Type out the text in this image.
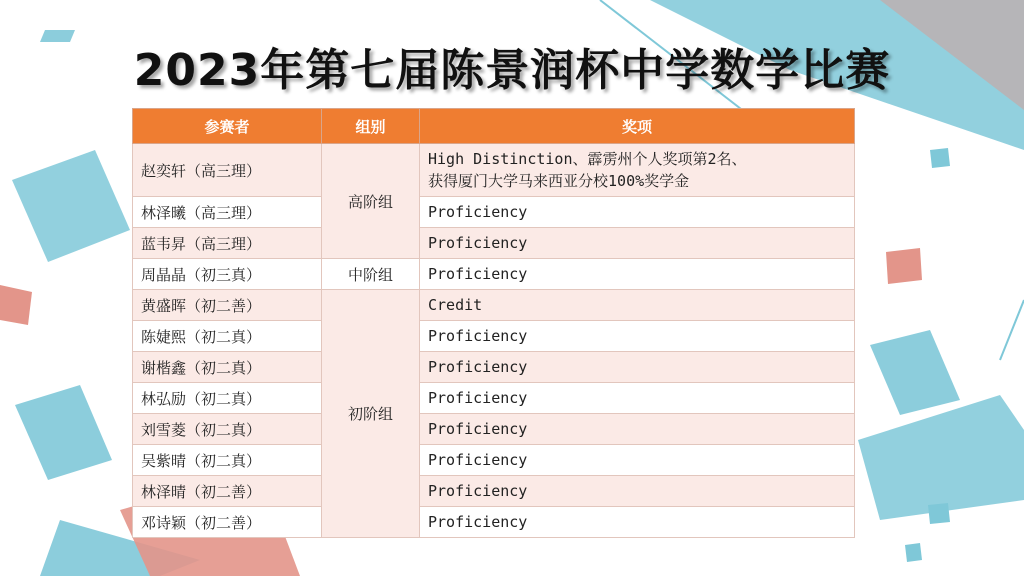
2023年第七届陈景润杯中学数学比赛
参赛者	组别	奖项
赵奕轩（高三理）	高阶组	High Distinction、霹雳州个人奖项第2名、
获得厦门大学马来西亚分校100%奖学金

林泽曦（高三理）		Proficiency
蓝韦昇（高三理）		Proficiency
周晶晶（初三真）	中阶组	Proficiency
黄盛晖（初二善）	初阶组	Credit
陈婕熙（初二真）		Proficiency
谢楷鑫（初二真）		Proficiency
林弘励（初二真）		Proficiency
刘雪菱（初二真）		Proficiency
吴紫晴（初二真）		Proficiency
林泽晴（初二善）		Proficiency
邓诗颖（初二善）		Proficiency
